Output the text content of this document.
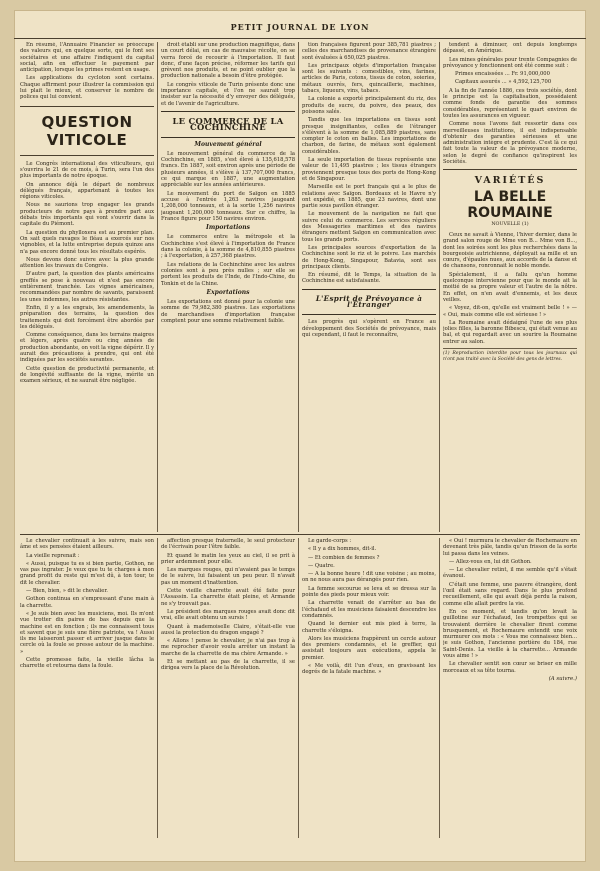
PETIT JOURNAL DE LYON

En résumé, l'Annuaire Financier se préoccupe des valeurs qui, en quelque sorte, qui le font ses sociétaires et une affaire l'indiquent du capital social, afin en effectuer le payement par anticipation, lorsque les primes restent en usage.

Les applications du cycloton sont certains. Chaque affirment pour illustrer la commission qui lui plait le mieux, et conserver le nombre de polices qui lui convient.

QUESTION VITICOLE

Le Congrès international des viticulteurs, qui s'ouvrira le 21 de ce mois, à Turin, sera l'un des plus importants de notre époque.

On annonce déjà le départ de nombreux délégués français, appartenant à toutes les régions viticoles.

Nous ne saurions trop engager les grands producteurs de notre pays à prendre part aux débats très importants qui vont s'ouvrir dans la capitale du Piémont.

La question du phylloxera est au premier plan. On sait quels ravages le fléau a exercés sur nos vignobles, et la lutte entreprise depuis quinze ans n'a pas encore donné tous les résultats espérés.

Nous devons donc suivre avec la plus grande attention les travaux du Congrès.

D'autre part, la question des plants américains greffés se pose à nouveau et n'est pas encore entièrement tranchée. Les vignes américaines, recommandées par nombre de savants, paraissent les unes indemnes, les autres résistantes.

Enfin, il y a les engrais, les amendements, la préparation des terrains, la question des traitements qui doit forcément être abordée par les délégués.

Comme conséquence, dans les terrains maigres et légers, après quatre ou cinq années de production abondante, on voit la vigne dépérir. Il y aurait des précautions à prendre, qui ont été indiquées par les sociétés savantes.

Cette question de productivité permanente, et de longévité suffisante de la vigne, mérite un examen sérieux, et ne saurait être négligée.

droit établi sur une production magnifique, dans un court délai, en cas de mauvaise récolte, on se verra forcé de recourir à l'importation. Il faut donc, d'une façon précise, réformer les tarifs qui grèvent nos produits, et ne point oublier que la production nationale a besoin d'être protégée.

Le congrès viticole de Turin présente donc une importance capitale, et l'on ne saurait trop insister sur la nécessité d'y envoyer des délégués, et de l'avenir de l'agriculture.

LE COMMERCE DE LA COCHINCHINE
Mouvement général

Le mouvement général du commerce de la Cochinchine, en 1885, s'est élevé à 135,618,578 francs. En 1887, soit environ après une période de plusieurs années, il s'élève à 137,707,000 francs, ce qui marque en 1887, une augmentation appréciable sur les années antérieures.

Le mouvement du port de Saïgon en 1885 accuse à l'entrée 1,263 navires jaugeant 1,208,000 tonneaux, et à la sortie 1,256 navires jaugeant 1,200,000 tonneaux. Sur ce chiffre, la France figure pour 150 navires environ.

Importations

Le commerce entre la métropole et la Cochinchine s'est élevé à l'importation de France dans la colonie, à la somme de 4,810,855 piastres ; à l'exportation, à 257,368 piastres.

Les relations de la Cochinchine avec les autres colonies sont à peu près nulles ; sur elle se portent les produits de l'Inde, de l'Indo-Chine, du Tonkin et de la Chine.

Exportations

Les exportations ont donné pour la colonie une somme de 79,982,380 piastres. Les exportations de marchandises d'importation française comptent pour une somme relativement faible.

tion françaises figurent pour 385,781 piastres ; celles des marchandises de provenance étrangère sont évaluées à 650,025 piastres.

Les principaux objets d'importation française sont les suivants : comestibles, vins, farines, articles de Paris, cotons, tissus de coton, soieries, métaux ouvrés, fers, quincaillerie, machines, tabacs, liqueurs, vins, tabacs.

La colonie a exporté principalement du riz, des produits de sucre, du poivre, des peaux, des poissons salés.

Tandis que les importations en tissus sont presque insignifiantes, celles de l'étranger s'élèvent à la somme de 1,085,889 piastres, sans compter le coton en balles. Les importations de charbon, de farine, de métaux sont également considérables.

La seule importation de tissus représente une valeur de 11,495 piastres ; les tissus étrangers proviennent presque tous des ports de Hong-Kong et de Singapour.

Marseille est le port français qui a le plus de relations avec Saïgon. Bordeaux et le Havre n'y ont expédié, en 1885, que 23 navires, dont une partie sous pavillon étranger.

Le mouvement de la navigation ne fait que suivre celui du commerce. Les services réguliers des Messageries maritimes et des navires étrangers mettent Saïgon en communication avec tous les grands ports.

Les principales sources d'exportation de la Cochinchine sont le riz et le poivre. Les marchés de Hong-Kong, Singapour, Batavia, sont ses principaux clients.

En résumé, dit le Temps, la situation de la Cochinchine est satisfaisante.

L'Esprit de Prévoyance à l'Étranger

Les progrès qui s'opèrent en France au développement des Sociétés de prévoyance, mais qui cependant, il faut le reconnaître,

tendent à diminuer, ont depuis longtemps dépassé, en Amérique.

Les mines générales pour trente Compagnies de prévoyance y fonctionnent ont été comme suit :

Primes encaissées ... Fr. 91,000,000

Capitaux assurés ... » 4,592,125,700

A la fin de l'année 1886, ces trois sociétés, dont le principe est la capitalisation, possédaient comme fonds de garantie des sommes considérables, représentant le quart environ de toutes les assurances en vigueur.

Comme nous l'avons fait ressortir dans ces merveilleuses institutions, il est indispensable d'obtenir des garanties sérieuses et une administration intègre et prudente. C'est là ce qui fait toute la valeur de la prévoyance moderne, selon le degré de confiance qu'inspirent les Sociétés.

VARIÉTÉS
LA BELLE ROUMAINE
NOUVELLE (1)

Ceux ne savait à Vienne, l'hiver dernier, dans le grand salon rouge de Mme von B... Mme von B..., dont les soirées sont les plus recherchées dans la bourgeoisie autrichienne, déployait sa mille et un cœurs, d'épaules nues, aux accords de la danse et de chansons, ronronnait le noble monde.

Spécialement, il a fallu qu'un homme quelconque intervienne pour que le monde ait la moitié de sa propre valeur et l'autre de la nôtre. En effet, on n'en avait d'ennemis, et les deux veilles.

« Voyez, dit-on, qu'elle est vraiment belle ! » — « Oui, mais comme elle est sérieuse ! »

La Roumaine avait dédaigné l'une de ses plus jolies filles, la baronne Bibescu, qui était venue au bal, et qui regardait avec un sourire la Roumaine entrer au salon.

(1) Reproduction interdite pour tous les journaux qui n'ont pas traité avec la Société des gens de lettres.

Le chevalier continuait à les suivre, mais son âme et ses pensées étaient ailleurs.

La vieille reprenait :

« Aussi, puisque tu es si bien partie, Gothon, ne vas pas ingrater. Je veux que tu te charges à mon grand profit du reste qui m'est dû, à ton tour, te dit le chevalier.

— Bien, bien, » dit le chevalier.

Gothon continua en s'empressant d'une main à la charrette.

« Je suis bien avec les musiciens, moi. Ils m'ont vue trotter dix paires de bas depuis que la machine est en fonction ; ils me connaissent tous et savent que je suis une fière patriote, va ! Aussi ils me laisseront passer et arriver jusque dans le cercle où la foule se presse autour de la machine. »

Cette promesse faite, la vieille lâcha la charrette et retourna dans la foule.

affection presque fraternelle, le seul protecteur de l'écrivain pour l'être faible.

Et quand le matin les yeux au ciel, il se prit à prier ardemment pour elle.

Les marques rouges, qui n'avaient pas le temps de le suivre, lui faisaient un peu peur. Il n'avait pas un moment d'inattention.

Cette vieille charrette avait été faite pour l'Assassin. La charrette était pleine, et Armande ne s'y trouvait pas.

Le président des marques rouges avait donc dit vrai, elle avait obtenu un sursis !

Quant à mademoiselle Claire, s'était-elle vue aussi la protection du dragon engagé ?

« Allons ! pense le chevalier, je n'ai pas trop à me reprocher d'avoir voulu arrêter un instant la marche de la charrette de ma chère Armande. »

Et se mettant au pas de la charrette, il se dirigea vers la place de la Révolution.

Le garde-corps :

« Il y a dix hommes, dit-il.

— Et combien de femmes ?

— Quatre.

— A la bonne heure ! dit une voisine ; au moins, on ne nous aura pas dérangés pour rien.

La femme secourue se leva et se dressa sur la pointe des pieds pour mieux voir.

La charrette venait de s'arrêter au bas de l'échafaud et les musiciens faisaient descendre les condamnés.

Quand le dernier eut mis pied à terre, la charrette s'éloigna.

Alors les musiciens frappèrent un cercle autour des premiers condamnés, et le greffier, qui assistait toujours aux exécutions, appela le premier.

« Me voilà, dit l'un d'eux, en gravissant les degrés de la fatale machine. »

« Oui ! murmura le chevalier de Rochemaure en devenant très pâle, tandis qu'un frisson de la sorte lui passa dans les veines.

— Allez-vous en, lui dit Gothon.

— Le chevalier retint, il me semble qu'il s'était évanoui.

C'était une femme, une pauvre étrangère, dont l'œil était sans regard. Dans le plus profond recueillement, elle qui avait déjà perdu la raison, comme elle allait perdre la vie.

En ce moment, et tandis qu'on levait la guillotine sur l'échafaud, les trompettes qui se trouvaient derrière le chevalier firent comme brusquement, et Rochemaure entendit une voix murmurer ces mots : « Vous me connaissez bien... je suis Gothon, l'ancienne portière du 184, rue Saint-Denis. La vieille à la charrette... Armande vous aime ! »

Le chevalier sentit son cœur se briser en mille morceaux et sa tête tourna.

(A suivre.)
